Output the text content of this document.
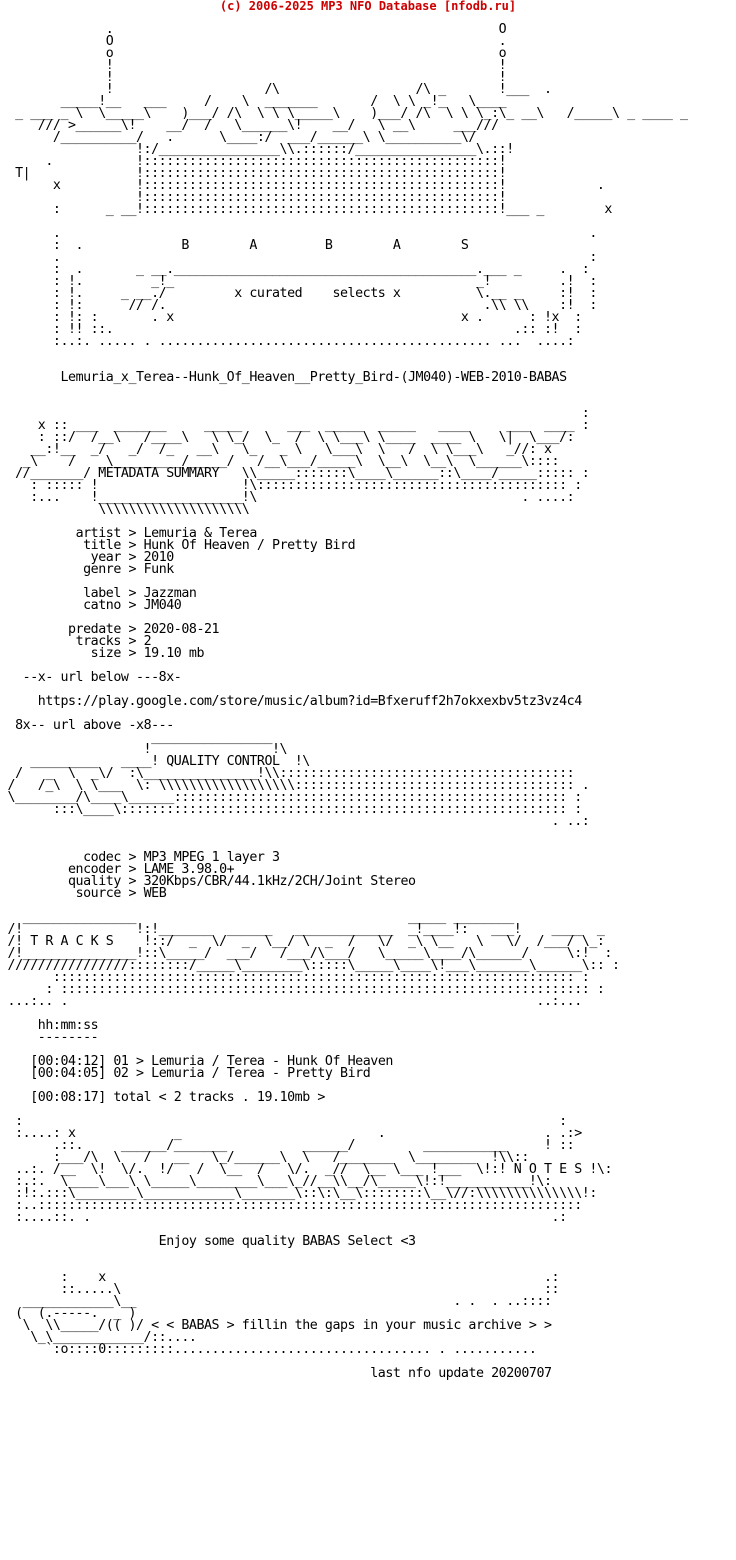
(c) 2006-2025 MP3 NFO Database [nfodb.ru]

.                                                   O
O                                                   .
o                                                   o
!                                                   !
!                                                   !
!                    /\                  /\ _       !___  .
_____!__   ___     /    \  _______       /  \ \ _!_   \____
_ ___ _ \  \_____\    )___/ /\  \ \ \_____\    )___/ /\  \ \ \_:\_ __\   /_____\ _ ____ _
/// >______\!    __/  /   \______\!    __/   \ __\     ___///
/__________/   .      \____:/  ___/______\ \__________\/
!:/________________\\.::::::/________________\.::!
.           !:::::::::::::::::::::::::::::::::::::::::::::::!
T|              !:::::::::::::::::::::::::::::::::::::::::::::::!
x          !:::::::::::::::::::::::::::::::::::::::::::::::!            .
!:::::::::::::::::::::::::::::::::::::::::::::::!
:      _ __!:::::::::::::::::::::::::::::::::::::::::::::::!___ _        x

.                                                                      .
:  .             B        A         B        A        S
.                                                                      :
:  .       _ __.________________________________________.___ _     .  :
: !.         _!_                                        _!         .!  :
: !.     _ __./         x curated    selects x          \.__ _     :!  :
: !:      // /.                                          .\\ \\    :!  :
: !: :       . x                                      x .      : !x  :
: !! ::.                                                     .:: :!  :
:..:. ..... . ............................................ ...  ....:

Lemuria_x_Terea--Hunk_Of_Heaven__Pretty_Bird-(JM040)-WEB-2010-BABAS

:
x :: ___  _______     _____      ___  _____  _____   ____     ___  ____ :
: ::/  /__\   /____\   \ \_/  \_  /  \ \___\ \____  ____ \   \|  \___/:
__:!__  _/   _/  /_   __\   \_   _ \   \___\  \   /  \ \___\   _//: x
_\    /   _\_________/_____/   /__\___/_____\  \__\  \__\  \______\::::
//_______/ METADATA SUMMARY   \\_____:::::::\____\______::\____/_____::::: :
: ::::: !                   !\::::::::::::::::::::::::::::::::::::::::: :
:...    !___________________!\                                   . ....:
\\\\\\\\\\\\\\\\\\\\

artist > Lemuria & Terea
title > Hunk Of Heaven / Pretty Bird
year > 2010
genre > Funk

label > Jazzman
catno > JM040

predate > 2020-08-21
tracks > 2
size > 19.10 mb

--x- url below ---8x-

https://play.google.com/store/music/album?id=Bfxeruff2h7okxexbv5tz3vz4c4

8x-- url above -x8---

________________
!                !\
_________   ____! QUALITY CONTROL  !\
/   _  \  _\/  :\_______________!\\:::::::::::::::::::::::::::::::::::::::
/   /_\  \ \___  \: \\\\\\\\\\\\\\\\\\::::::::::::::::::::::::::::::::::::: .
\________/\____\______:::::::::::::::::::::::::::::::::::::::::::::::::::: :
:::\____\::::::::::::::::::::::::::::::::::::::::::::::::::::::::::: :
. ..:

codec > MP3 MPEG 1 layer 3
encoder > LAME 3.98.0+
quality > 320Kbps/CBR/44.1kHz/2CH/Joint Stereo
source > WEB

_______________                                    _____ ________
/!               !:!_______  ______   _____________  _!____!:   ___!    ____  _
/! T R A C K S    !::/  _  \/  _  \__/ \  _  /   \/  _\ \__   \   \/  /___/ \_:
/!_______________!::\_____/  ___/   /___/\___/   \_____\____/\______/     \:!  :
////////////////::::::::/_____\________\:::::\_____\____\!___\_______\______\:: :
::::::::::::::::::::::::::::::::::::::::::::::::::::::::::::::::::::: :
: :::::::::::::::::::::::::::::::::::::::::::::::::::::::::::::::::::::: :
...:.. .                                                              ..:...

hh:mm:ss
--------

[00:04:12] 01 > Lemuria / Terea - Hunk Of Heaven
[00:04:05] 02 > Lemuria / Terea - Pretty Bird

[00:08:17] total < 2 tracks . 19.10mb >

:                                                                       :
:....: x             _                          .                     . .:>
.::.     ______/_______          ______/         ___________     ! ::
:___/\  \   /   __   \_/______\  \   /_______  \________  !\\::
..:. /__  \!  \/.  !/   /  \__  /   \/.  _//  \__ \___ !___  \!:! N O T E S !\:
:.:.  \____\___\ \_____\________\___\_//__\\__/\_____\!:!___________!\:
:!:.:::\________\____________\_______\::\:\__\::::::::\__\//:\\\\\\\\\\\\\\!:
:..::::::::::::::::::::::::::::::::::::::::::::::::::::::::::::::::::::::::
:....::. .                                                             .:

Enjoy some quality BABAS Select <3

:    x                                                          .:
::.....\                                                        ::
____________\__                                          . .  . ..::::
(  (.-----.  _ )
\  \\_____/(( )/ < < BABAS > fillin the gaps in your music archive > >
\_\____________/::....
`:o::::0:::::::::.................................. . ...........

last nfo update 20200707
